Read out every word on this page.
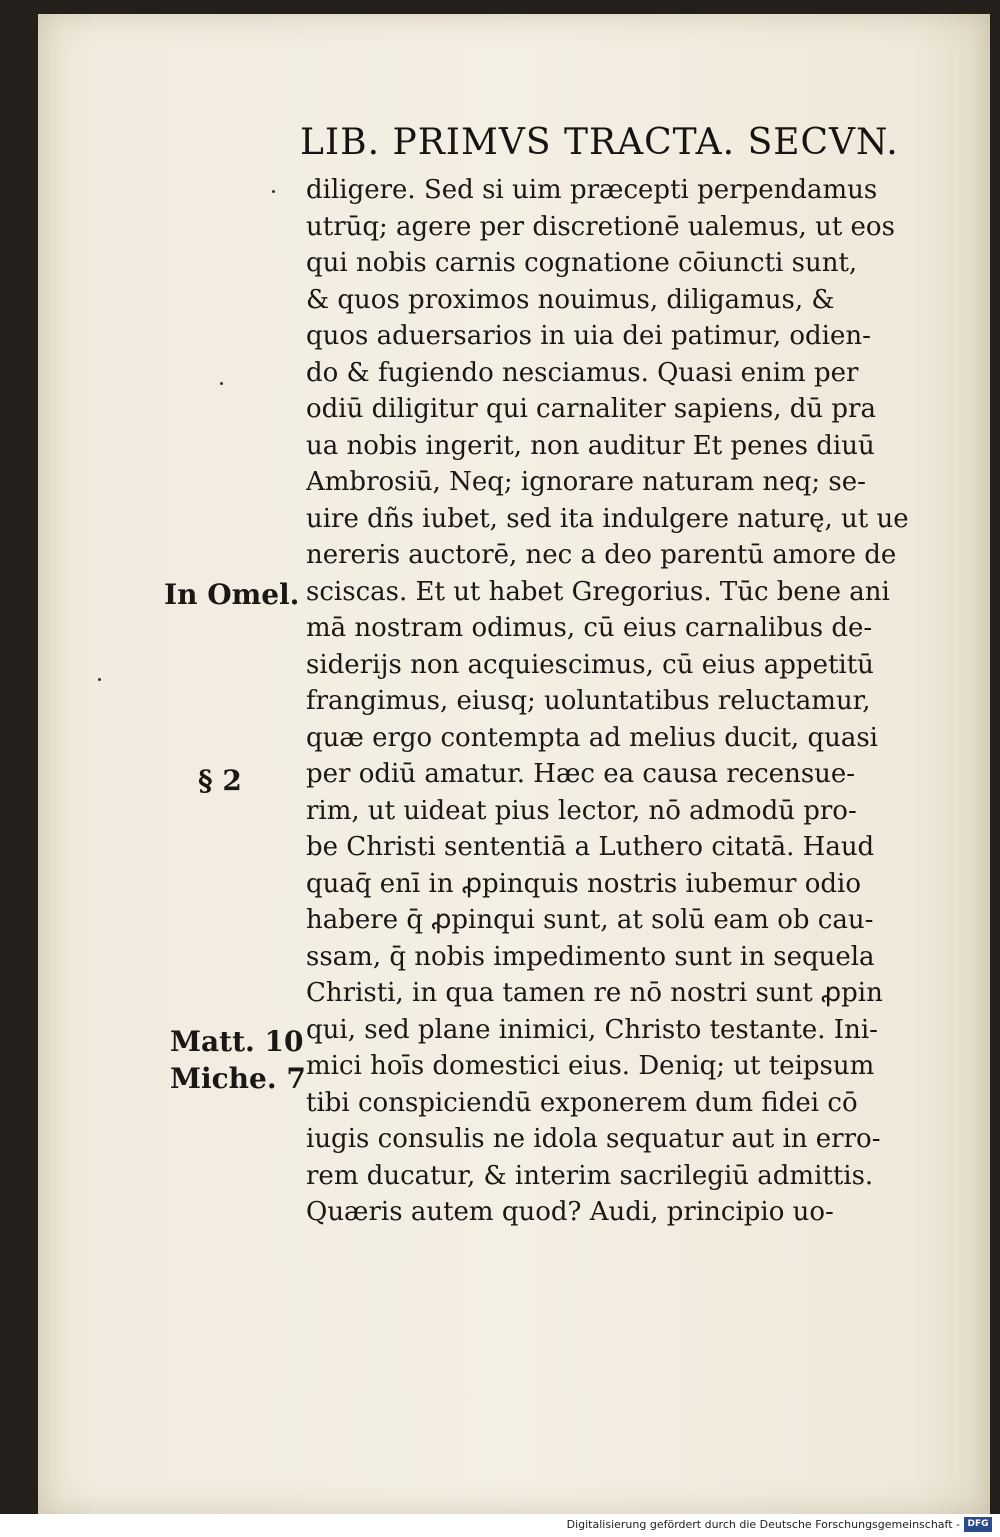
LIB. PRIMVS TRACTA. SECVN.
diligere. Sed si uim præcepti perpendamus
utrūq; agere per discretionē ualemus, ut eos
qui nobis carnis cognatione cōiuncti sunt,
& quos proximos nouimus, diligamus, &
quos aduersarios in uia dei patimur, odien-
do & fugiendo nesciamus. Quasi enim per
odiū diligitur qui carnaliter sapiens, dū pra
ua nobis ingerit, non auditur Et penes diuū
Ambrosiū, Neq; ignorare naturam neq; se-
uire dñs iubet, sed ita indulgere naturę, ut ue
nereris auctorē, nec a deo parentū amore de
sciscas. Et ut habet Gregorius. Tūc bene ani
mā nostram odimus, cū eius carnalibus de-
siderijs non acquiescimus, cū eius appetitū
frangimus, eiusq; uoluntatibus reluctamur,
quæ ergo contempta ad melius ducit, quasi
per odiū amatur. Hæc ea causa recensue-
rim, ut uideat pius lector, nō admodū pro-
be Christi sententiā a Luthero citatā. Haud
quaq̄ enī in ꝓpinquis nostris iubemur odio
habere q̄ ꝓpinqui sunt, at solū eam ob cau-
ssam, q̄ nobis impedimento sunt in sequela
Christi, in qua tamen re nō nostri sunt ꝓpin
qui, sed plane inimici, Christo testante. Ini-
mici hoīs domestici eius. Deniq; ut teipsum
tibi conspiciendū exponerem dum fidei cō
iugis consulis ne idola sequatur aut in erro-
rem ducatur, & interim sacrilegiū admittis.
Quæris autem quod? Audi, principio uo-
In Omel.
§ 2
Matt. 10
Miche. 7
Digitalisierung gefördert durch die Deutsche Forschungsgemeinschaft - DFG
